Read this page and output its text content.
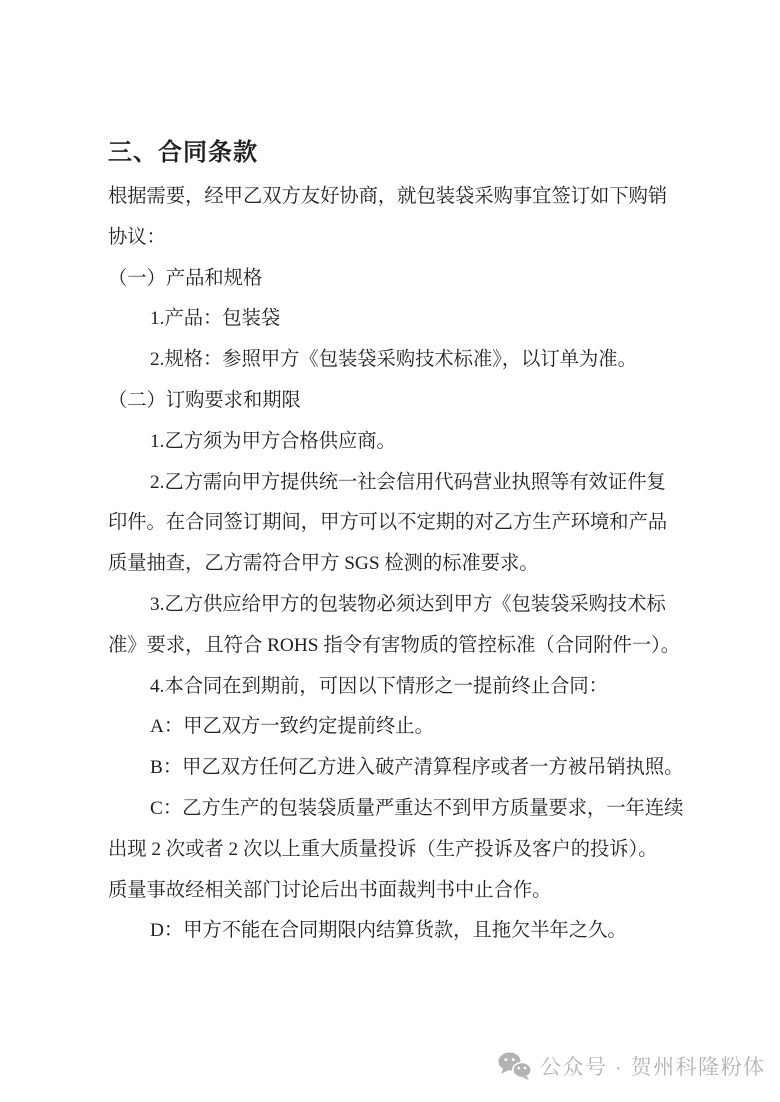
三、合同条款
根据需要，经甲乙双方友好协商，就包装袋采购事宜签订如下购销
协议：
（一）产品和规格
1.产品：包装袋
2.规格：参照甲方《包装袋采购技术标准》，以订单为准。
（二）订购要求和期限
1.乙方须为甲方合格供应商。
2.乙方需向甲方提供统一社会信用代码营业执照等有效证件复
印件。在合同签订期间，甲方可以不定期的对乙方生产环境和产品
质量抽查，乙方需符合甲方 SGS 检测的标准要求。
3.乙方供应给甲方的包装物必须达到甲方《包装袋采购技术标
准》要求，且符合 ROHS 指令有害物质的管控标准（合同附件一）。
4.本合同在到期前，可因以下情形之一提前终止合同：
A：甲乙双方一致约定提前终止。
B：甲乙双方任何乙方进入破产清算程序或者一方被吊销执照。
C：乙方生产的包装袋质量严重达不到甲方质量要求，一年连续
出现 2 次或者 2 次以上重大质量投诉（生产投诉及客户的投诉）。
质量事故经相关部门讨论后出书面裁判书中止合作。
D：甲方不能在合同期限内结算货款，且拖欠半年之久。
公众号 · 贺州科隆粉体
